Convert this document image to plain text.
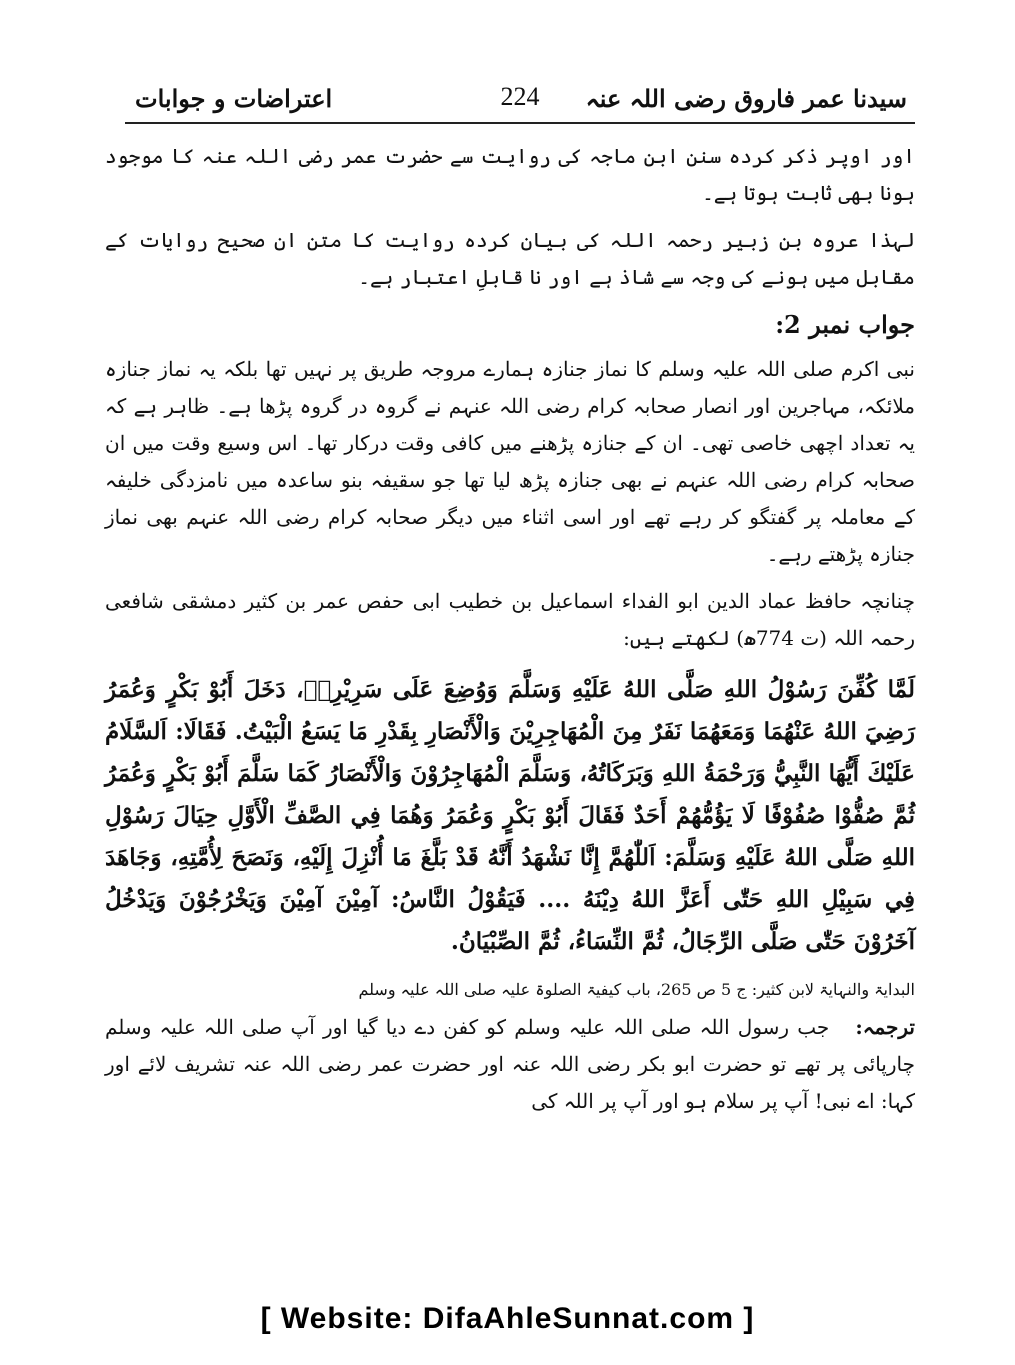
سیدنا عمر فاروق رضی اللہ عنہ
224
اعتراضات و جوابات

اور اوپر ذکر کردہ سنن ابن ماجہ کی روایت سے حضرت عمر رضی اللہ عنہ کا موجود ہونا بھی ثابت ہوتا ہے۔

لہذا عروہ بن زبیر رحمہ اللہ کی بیان کردہ روایت کا متن ان صحیح روایات کے مقابل میں ہونے کی وجہ سے شاذ ہے اور نا قابلِ اعتبار ہے۔

جواب نمبر 2:

نبی اکرم صلی اللہ علیہ وسلم کا نماز جنازہ ہمارے مروجہ طریق پر نہیں تھا بلکہ یہ نماز جنازہ ملائکہ، مہاجرین اور انصار صحابہ کرام رضی اللہ عنہم نے گروہ در گروہ پڑھا ہے۔ ظاہر ہے کہ یہ تعداد اچھی خاصی تھی۔ ان کے جنازہ پڑھنے میں کافی وقت درکار تھا۔ اس وسیع وقت میں ان صحابہ کرام رضی اللہ عنہم نے بھی جنازہ پڑھ لیا تھا جو سقیفہ بنو ساعدہ میں نامزدگی خلیفہ کے معاملہ پر گفتگو کر رہے تھے اور اسی اثناء میں دیگر صحابہ کرام رضی اللہ عنہم بھی نماز جنازہ پڑھتے رہے۔

چنانچہ حافظ عماد الدین ابو الفداء اسماعیل بن خطیب ابی حفص عمر بن کثیر دمشقی شافعی رحمہ اللہ (ت 774ھ) لکھتے ہیں:

لَمَّا كُفِّنَ رَسُوْلُ اللهِ صَلَّى اللهُ عَلَيْهِ وَسَلَّمَ وَوُضِعَ عَلَى سَرِيْرِهٖ، دَخَلَ أَبُوْ بَكْرٍ وَعُمَرُ رَضِيَ اللهُ عَنْهُمَا وَمَعَهُمَا نَفَرٌ مِنَ الْمُهَاجِرِيْنَ وَالْأَنْصَارِ بِقَدْرِ مَا يَسَعُ الْبَيْتُ. فَقَالَا: اَلسَّلَامُ عَلَيْكَ أَيُّهَا النَّبِيُّ وَرَحْمَةُ اللهِ وَبَرَكَاتُهُ، وَسَلَّمَ الْمُهَاجِرُوْنَ وَالْأَنْصَارُ كَمَا سَلَّمَ أَبُوْ بَكْرٍ وَعُمَرُ ثُمَّ صُفُّوْا صُفُوْفًا لَا يَؤُمُّهُمْ أَحَدٌ فَقَالَ أَبُوْ بَكْرٍ وَعُمَرُ وَهُمَا فِي الصَّفِّ الْأَوَّلِ حِيَالَ رَسُوْلِ اللهِ صَلَّى اللهُ عَلَيْهِ وَسَلَّمَ: اَللّٰهُمَّ إِنَّا نَشْهَدُ أَنَّهُ قَدْ بَلَّغَ مَا أُنْزِلَ إِلَيْهِ، وَنَصَحَ لِأُمَّتِهِ، وَجَاهَدَ فِي سَبِيْلِ اللهِ حَتّٰى أَعَزَّ اللهُ دِيْنَهُ .... فَيَقُوْلُ النَّاسُ: آمِيْنَ آمِيْنَ وَيَخْرُجُوْنَ وَيَدْخُلُ آخَرُوْنَ حَتّٰى صَلَّى الرِّجَالُ، ثُمَّ النِّسَاءُ، ثُمَّ الصِّبْيَانُ.

البدایۃ والنہایۃ لابن کثیر: ج 5 ص 265، باب کیفیۃ الصلوۃ علیہ صلی اللہ علیہ وسلم

ترجمہ: جب رسول اللہ صلی اللہ علیہ وسلم کو کفن دے دیا گیا اور آپ صلی اللہ علیہ وسلم چارپائی پر تھے تو حضرت ابو بکر رضی اللہ عنہ اور حضرت عمر رضی اللہ عنہ تشریف لائے اور کہا: اے نبی! آپ پر سلام ہو اور آپ پر اللہ کی

[ Website: DifaAhleSunnat.com ]
